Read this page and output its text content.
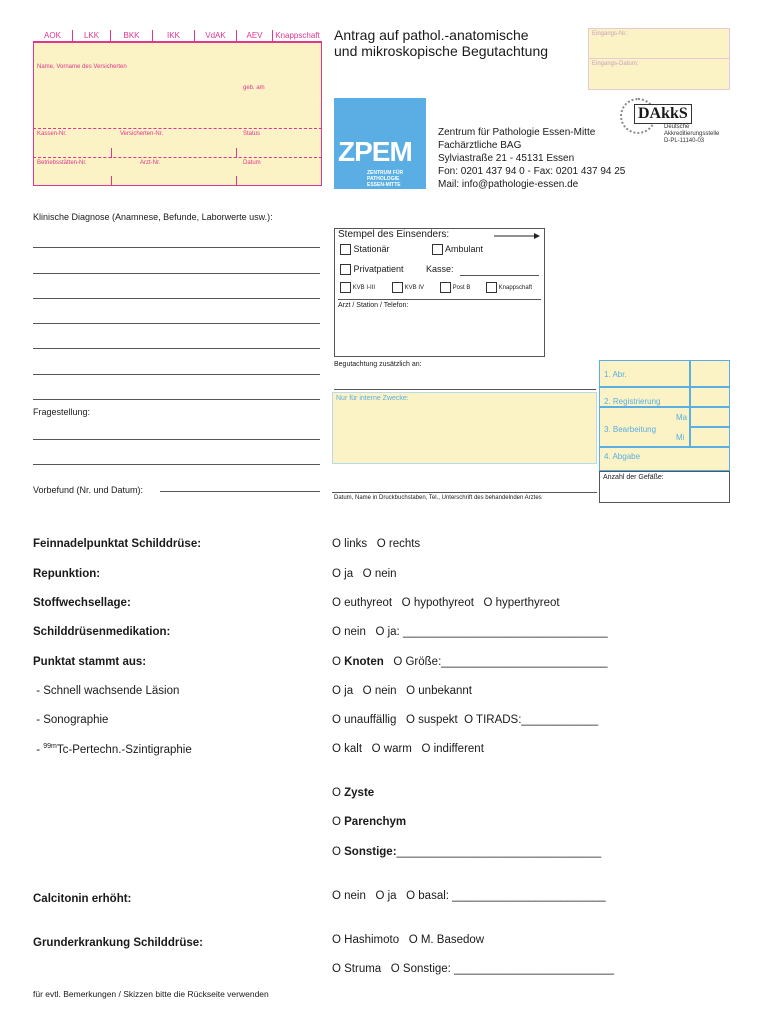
AOK	LKK	BKK	IKK	VdAK	AEV	Knappschaft
Name, Vorname des Versicherten
geb. am
Kassen-Nr.	Versicherten-Nr.	Status
Betriebsstätten-Nr.	Arzt-Nr.	Datum
Antrag auf pathol.-anatomische
und mikroskopische Begutachtung
Eingangs-Nr.:
Eingangs-Datum:
ZPEM
ZENTRUM FÜR PATHOLOGIE
ESSEN-MITTE
Zentrum für Pathologie Essen-Mitte
Fachärztliche BAG
Sylviastraße 21 - 45131 Essen
Fon: 0201 437 94 0 - Fax: 0201 437 94 25
Mail: info@pathologie-essen.de
DAkkS
Deutsche
Akkreditierungsstelle
D-PL-11140-03
Klinische Diagnose (Anamnese, Befunde, Laborwerte usw.):
Fragestellung:
Vorbefund (Nr. und Datum):
Stempel des Einsenders:
Stationär	Ambulant
Privatpatient Kasse:
KVB I-III	KVB IV	Post B	Knappschaft
Arzt / Station / Telefon:
Begutachtung zusätzlich an:
Nur für interne Zwecke:
Datum, Name in Druckbuchstaben, Tel., Unterschrift des behandelnden Arztes
1. Abr.
2. Registrierung
3. Bearbeitung
Ma
Mi
4. Abgabe
Anzahl der Gefäße:
Feinnadelpunktat Schilddrüse:	O links   O rechts
Repunktion:	O ja   O nein
Stoffwechsellage:	O euthyreot   O hypothyreot   O hyperthyreot
Schilddrüsenmedikation:	O nein   O ja: ________________________________
Punktat stammt aus:	O Knoten   O Größe:__________________________
- Schnell wachsende Läsion	O ja   O nein   O unbekannt
- Sonographie	O unauffällig   O suspekt  O TIRADS:____________
- $^{99m}$Tc-Pertechn.-Szintigraphie	O kalt   O warm   O indifferent
O Zyste
O Parenchym
O Sonstige:________________________________
Calcitonin erhöht:	O nein   O ja   O basal: ________________________
Grunderkrankung Schilddrüse:	O Hashimoto   O M. Basedow
O Struma   O Sonstige: _________________________
für evtl. Bemerkungen / Skizzen bitte die Rückseite verwenden
